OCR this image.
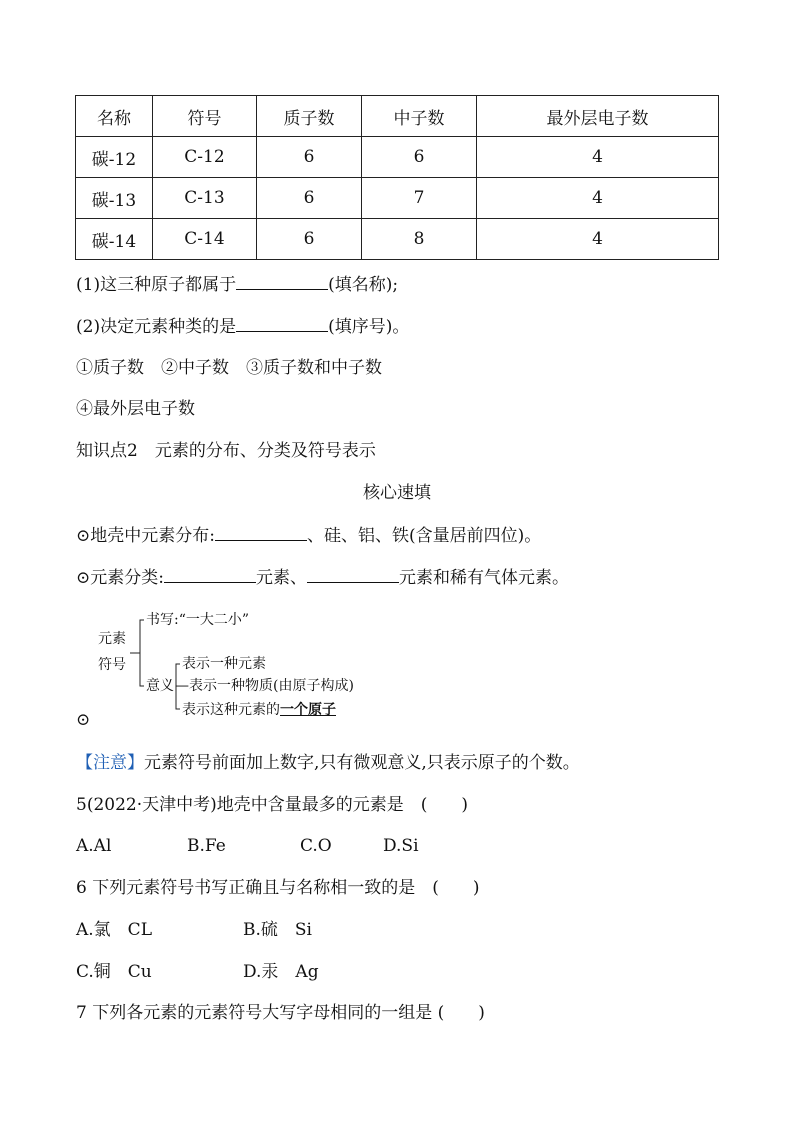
名称	符号	质子数	中子数	最外层电子数
碳-12	C-12	6	6	4
碳-13	C-13	6	7	4
碳-14	C-14	6	8	4
(1)这三种原子都属于	(填名称);
(2)决定元素种类的是	(填序号)。
①质子数　②中子数　③质子数和中子数
④最外层电子数
知识点2　元素的分布、分类及符号表示
核心速填
⊙地壳中元素分布:	、硅、铝、铁(含量居前四位)。
⊙元素分类:	元素、	元素和稀有气体元素。
元素
符号
书写:“一大二小”
意义
表示一种元素
—表示一种物质(由原子构成)
表示这种元素的一个原子
⊙
【注意】元素符号前面加上数字,只有微观意义,只表示原子的个数。
5(2022·天津中考)地壳中含量最多的元素是　(　　)
A.Al	B.Fe	C.O	D.Si
6 下列元素符号书写正确且与名称相一致的是　(　　)
A.氯　CL	B.硫　Si
C.铜　Cu	D.汞　Ag
7 下列各元素的元素符号大写字母相同的一组是 (　　)
